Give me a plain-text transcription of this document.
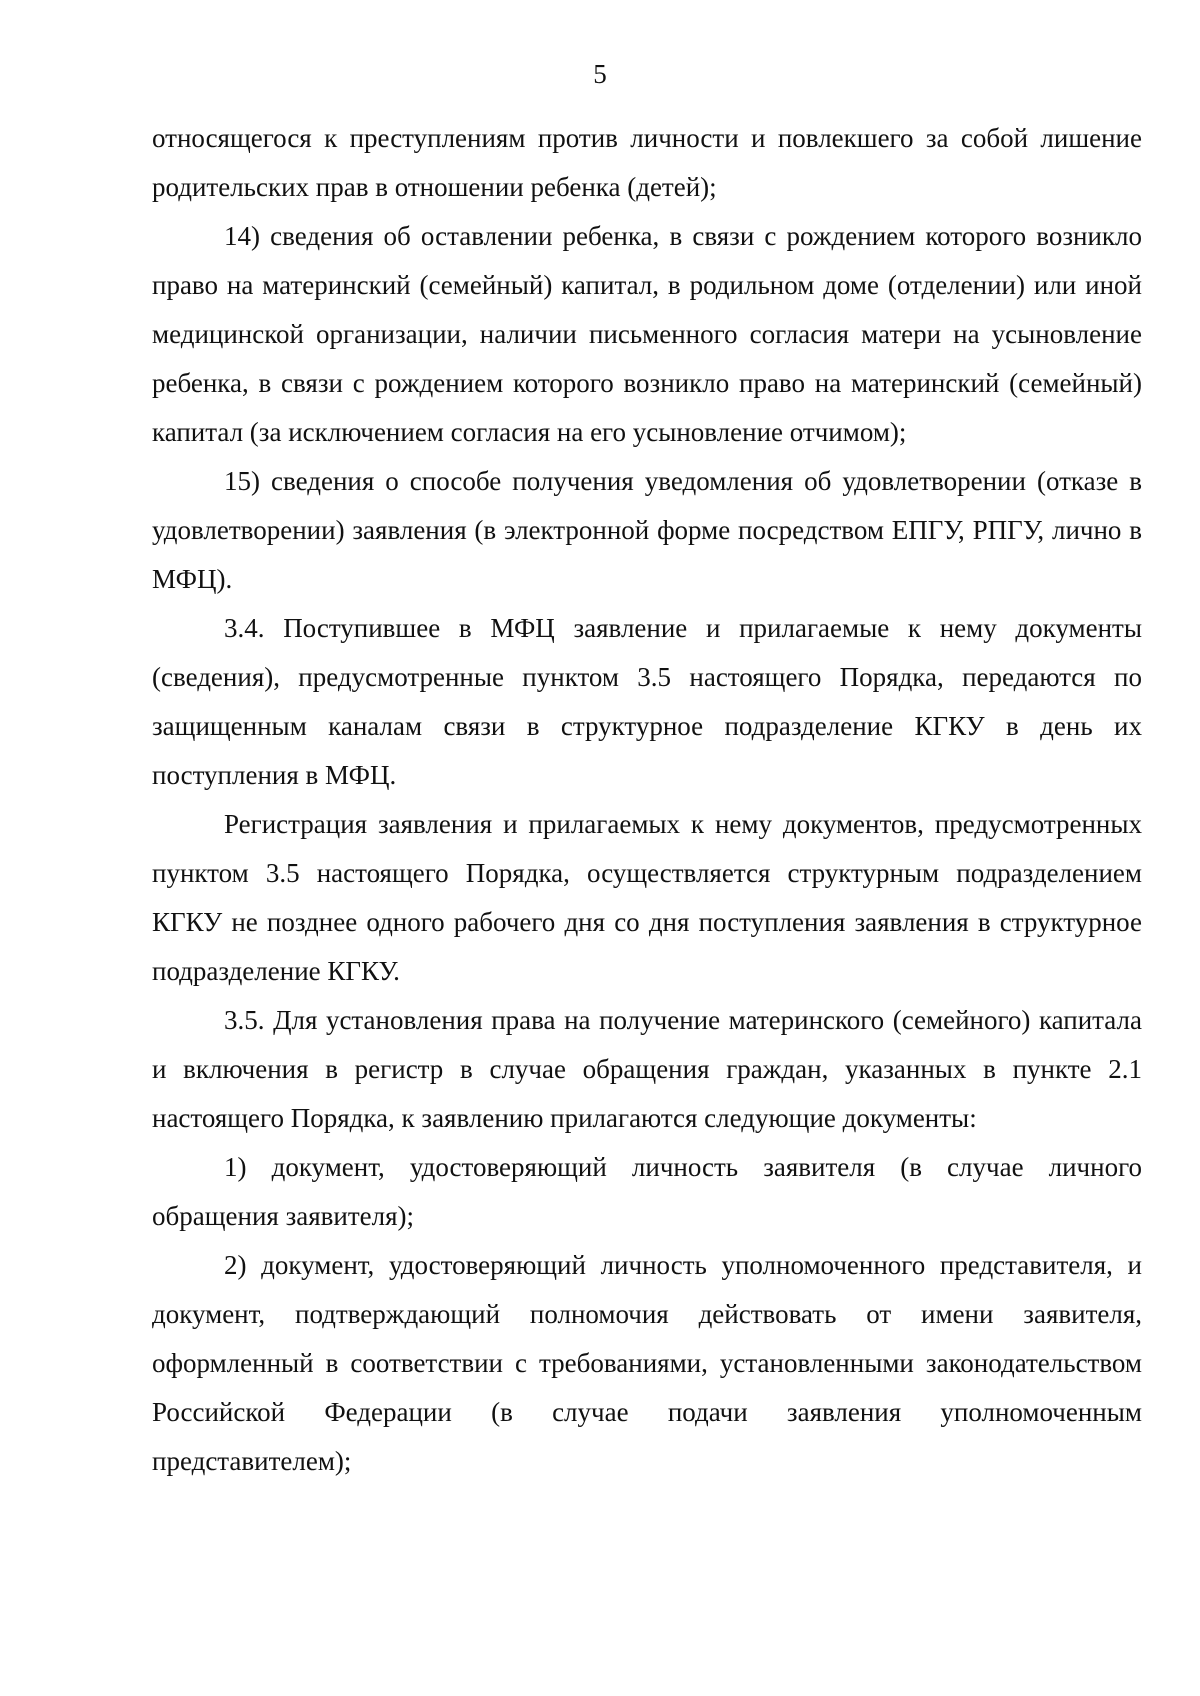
5

относящегося к преступлениям против личности и повлекшего за собой лишение родительских прав в отношении ребенка (детей);

14) сведения об оставлении ребенка, в связи с рождением которого возникло право на материнский (семейный) капитал, в родильном доме (отделении) или иной медицинской организации, наличии письменного согласия матери на усыновление ребенка, в связи с рождением которого возникло право на материнский (семейный) капитал (за исключением согласия на его усыновление отчимом);

15) сведения о способе получения уведомления об удовлетворении (отказе в удовлетворении) заявления (в электронной форме посредством ЕПГУ, РПГУ, лично в МФЦ).

3.4. Поступившее в МФЦ заявление и прилагаемые к нему документы (сведения), предусмотренные пунктом 3.5 настоящего Порядка, передаются по защищенным каналам связи в структурное подразделение КГКУ в день их поступления в МФЦ.

Регистрация заявления и прилагаемых к нему документов, предусмотренных пунктом 3.5 настоящего Порядка, осуществляется структурным подразделением КГКУ не позднее одного рабочего дня со дня поступления заявления в структурное подразделение КГКУ.

3.5. Для установления права на получение материнского (семейного) капитала и включения в регистр в случае обращения граждан, указанных в пункте 2.1 настоящего Порядка, к заявлению прилагаются следующие документы:

1) документ, удостоверяющий личность заявителя (в случае личного обращения заявителя);

2) документ, удостоверяющий личность уполномоченного представителя, и документ, подтверждающий полномочия действовать от имени заявителя, оформленный в соответствии с требованиями, установленными законодательством Российской Федерации (в случае подачи заявления уполномоченным представителем);
